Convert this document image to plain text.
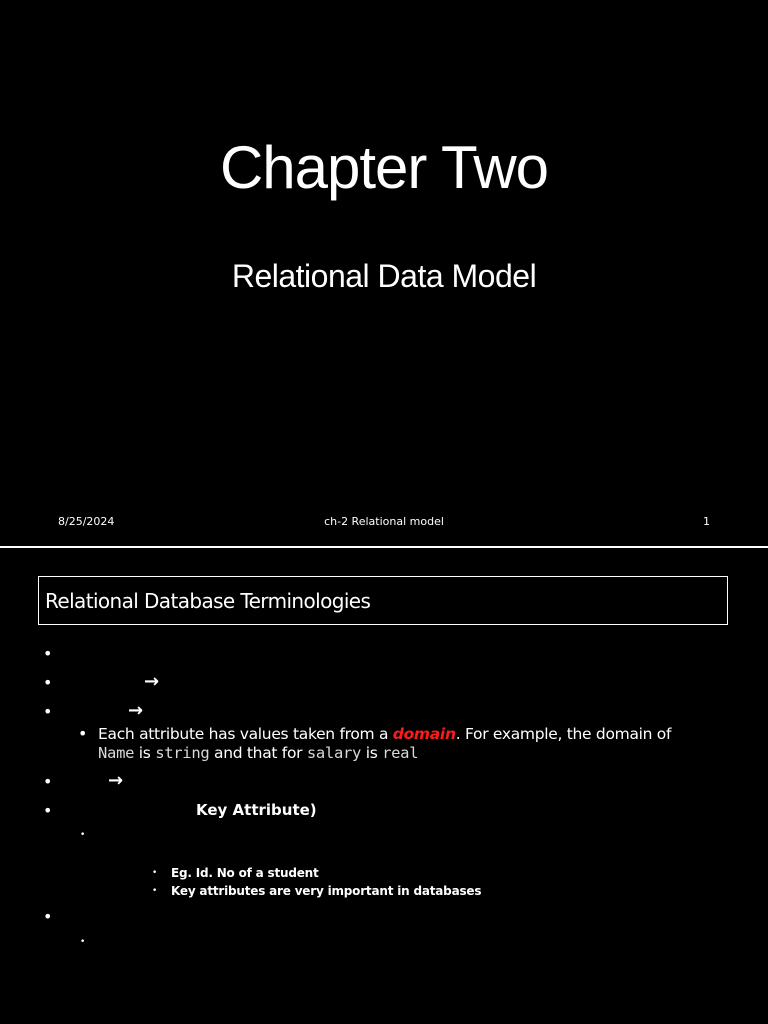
Chapter Two
Relational Data Model
8/25/2024	ch-2 Relational model	1
Relational Database Terminologies
•
•	→
•	→
• Each attribute has values taken from a domain. For example, the domain of
Name is string and that for salary is real
•	→
•	Key Attribute)
•
• Eg. Id. No of a student
• Key attributes are very important in databases
•
•
